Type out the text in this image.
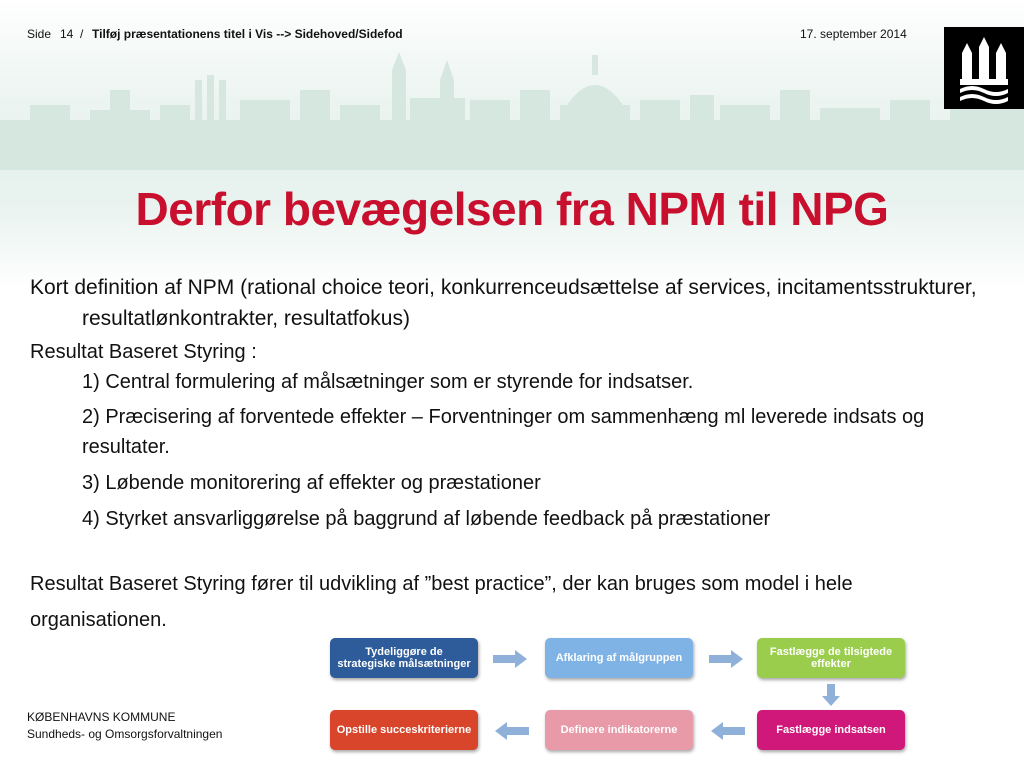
Side 14 / Tilføj præsentationens titel i Vis --> Sidehoved/Sidefod	17. september 2014
Derfor bevægelsen fra NPM til NPG

Kort definition af NPM (rational choice teori, konkurrenceudsættelse af services, incitamentsstrukturer, resultatlønkontrakter, resultatfokus)

Resultat Baseret Styring :

1) Central formulering af målsætninger som er styrende for indsatser.

2) Præcisering af forventede effekter – Forventninger om sammenhæng ml leverede indsats og resultater.

3) Løbende monitorering af effekter og præstationer

4) Styrket ansvarliggørelse på baggrund af løbende feedback på præstationer

Resultat Baseret Styring fører til udvikling af ”best practice”, der kan bruges som model i hele organisationen.

Tydeliggøre de strategiske målsætninger	Afklaring af målgruppen	Fastlægge de tilsigtede effekter
Opstille succeskriterierne	Definere indikatorerne	Fastlægge indsatsen
KØBENHAVNS KOMMUNE
Sundheds- og Omsorgsforvaltningen
